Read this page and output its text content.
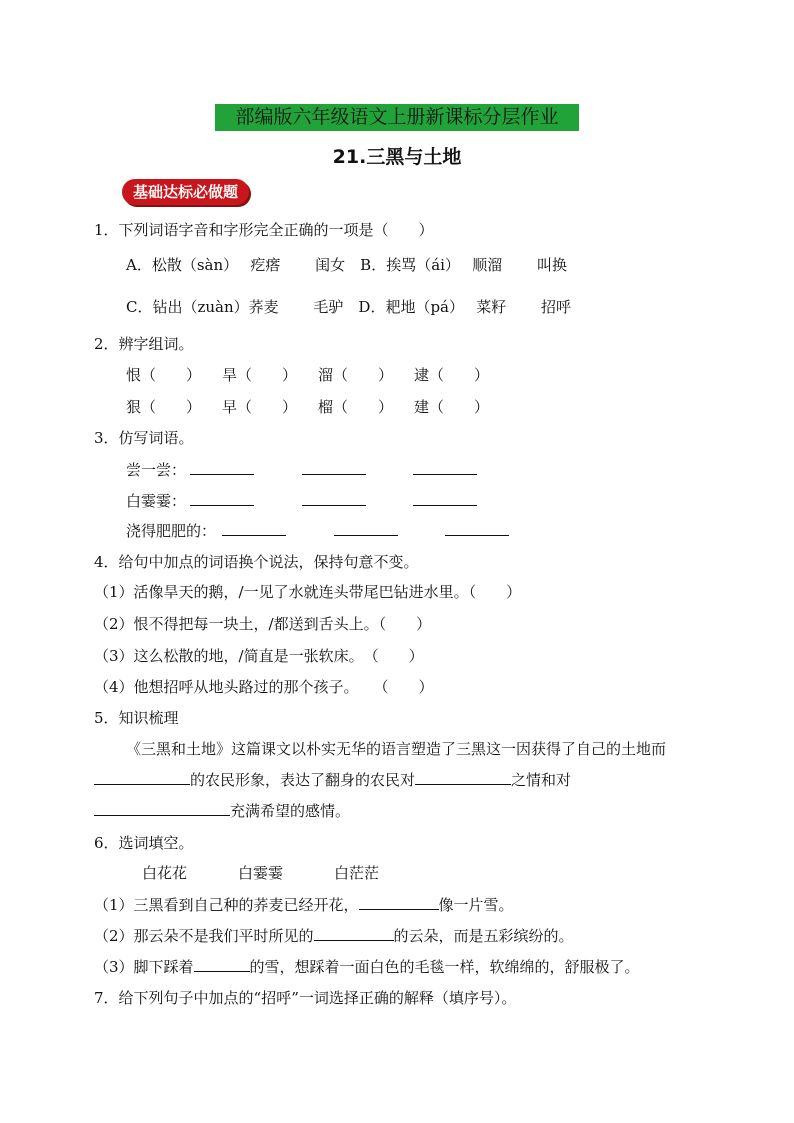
部编版六年级语文上册新课标分层作业
21.三黑与土地
基础达标必做题
1．下列词语字音和字形完全正确的一项是（　　）
A．松散（sàn）　 疙瘩　 　闺女　B．挨骂（ái）　 顺溜　 　叫换
C．钻出（zuàn）荞麦　 　毛驴　D．耙地（pá）　 菜籽　 　招呼
2．辨字组词。
恨（　　） 旱（　　） 溜（　　） 逮（　　）
狠（　　） 早（　　） 榴（　　） 建（　　）
3．仿写词语。
尝一尝：

白霎霎：

浇得肥肥的：

4．给句中加点的词语换个说法，保持句意不变。
（1）活像旱天的鹅，/一见了水就连头带尾巴钻进水里。（　　）
（2）恨不得把每一块土，/都送到舌头上。（　　）
（3）这么松散的地，/简直是一张软床。　（　　）
（4）他想招呼从地头路过的那个孩子。　　（　　）
5．知识梳理
《三黑和土地》这篇课文以朴实无华的语言塑造了三黑这一因获得了自己的土地而
的农民形象，表达了翻身的农民对	之情和对
充满希望的感情。
6．选词填空。
白花花	白霎霎	白茫茫
（1）三黑看到自己种的荞麦已经开花，	像一片雪。
（2）那云朵不是我们平时所见的	的云朵，而是五彩缤纷的。
（3）脚下踩着	的雪，想踩着一面白色的毛毯一样，软绵绵的，舒服极了。
7．给下列句子中加点的“招呼”一词选择正确的解释（填序号）。
